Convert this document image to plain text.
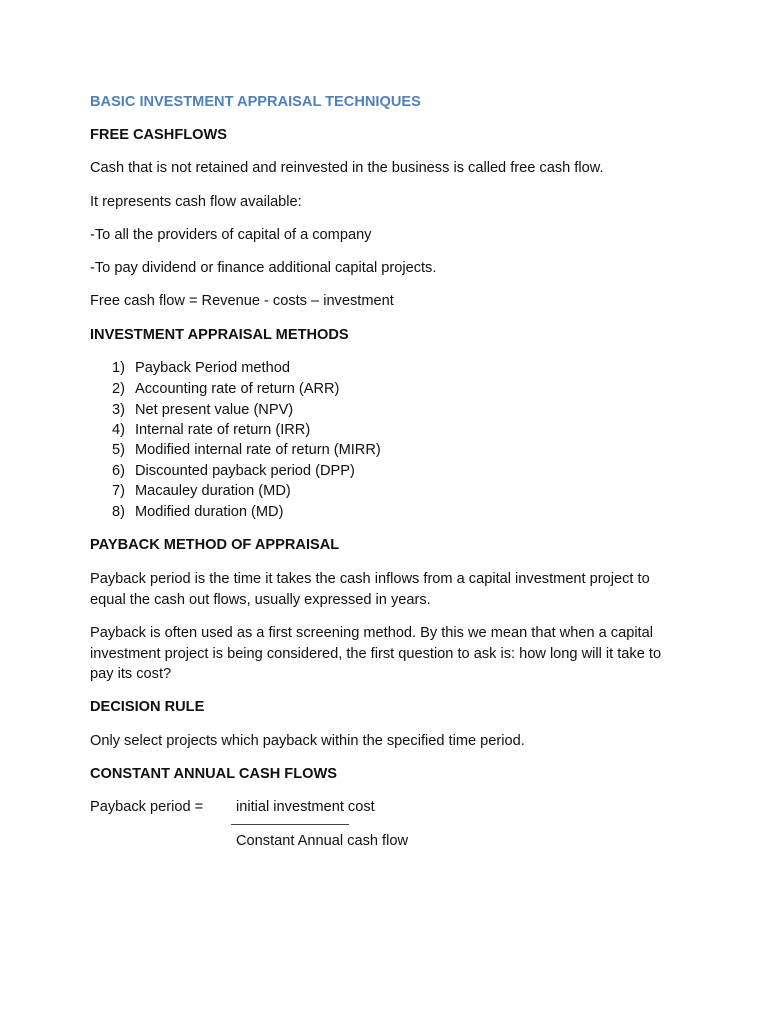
BASIC INVESTMENT APPRAISAL TECHNIQUES
FREE CASHFLOWS
Cash that is not retained and reinvested in the business is called free cash flow.
It represents cash flow available:
-To all the providers of capital of a company
-To pay dividend or finance additional capital projects.
Free cash flow = Revenue - costs – investment
INVESTMENT APPRAISAL METHODS
1) Payback Period method
2) Accounting rate of return (ARR)
3) Net present value (NPV)
4) Internal rate of return (IRR)
5) Modified internal rate of return (MIRR)
6) Discounted payback period (DPP)
7) Macauley duration (MD)
8) Modified duration (MD)
PAYBACK METHOD OF APPRAISAL
Payback period is the time it takes the cash inflows from a capital investment project to equal the cash out flows, usually expressed in years.
Payback is often used as a first screening method. By this we mean that when a capital investment project is being considered, the first question to ask is: how long will it take to pay its cost?
DECISION RULE
Only select projects which payback within the specified time period.
CONSTANT ANNUAL CASH FLOWS
Payback period = initial investment cost
Constant Annual cash flow
